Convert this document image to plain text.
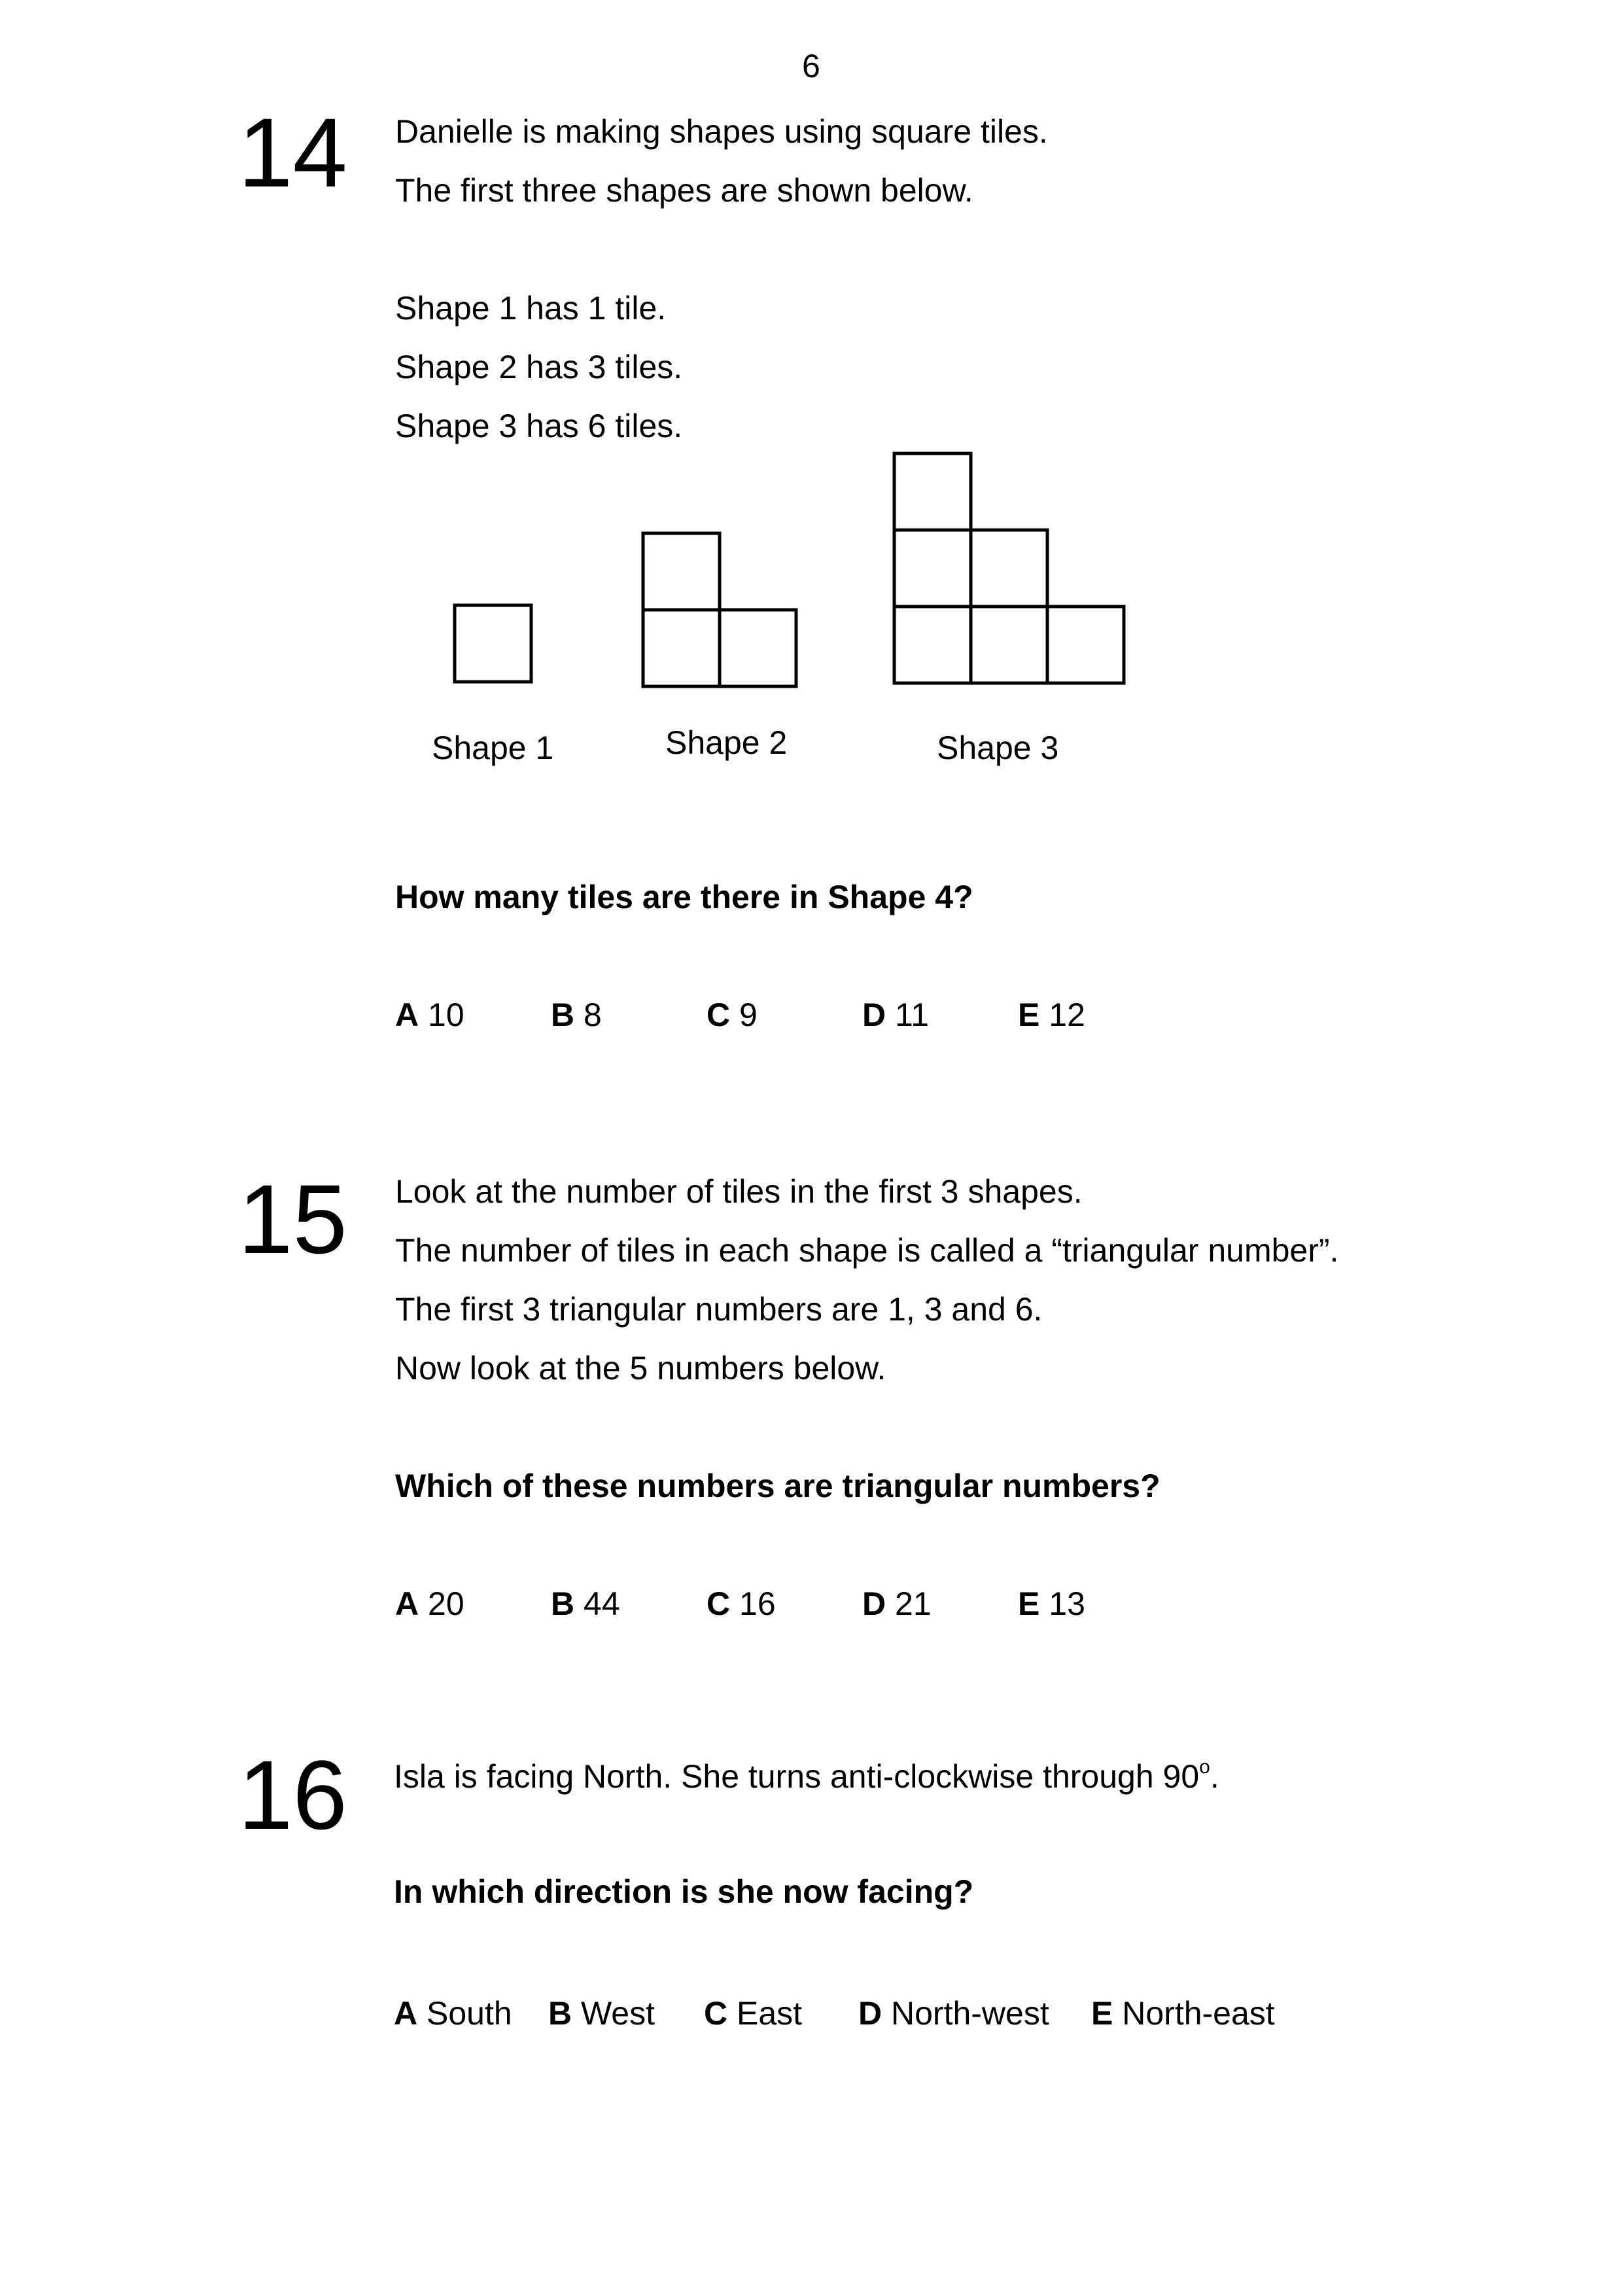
6
14 Danielle is making shapes using square tiles.
The first three shapes are shown below.
Shape 1 has 1 tile.
Shape 2 has 3 tiles.
Shape 3 has 6 tiles.
Shape 1	Shape 2	Shape 3
How many tiles are there in Shape 4?
A 10	B 8	C 9	D 11	E 12
15 Look at the number of tiles in the first 3 shapes.
The number of tiles in each shape is called a “triangular number”.
The first 3 triangular numbers are 1, 3 and 6.
Now look at the 5 numbers below.
Which of these numbers are triangular numbers?
A 20	B 44	C 16	D 21	E 13
16 Isla is facing North. She turns anti-clockwise through 90$^o$.
In which direction is she now facing?
A South B West C East D North-west E North-east
